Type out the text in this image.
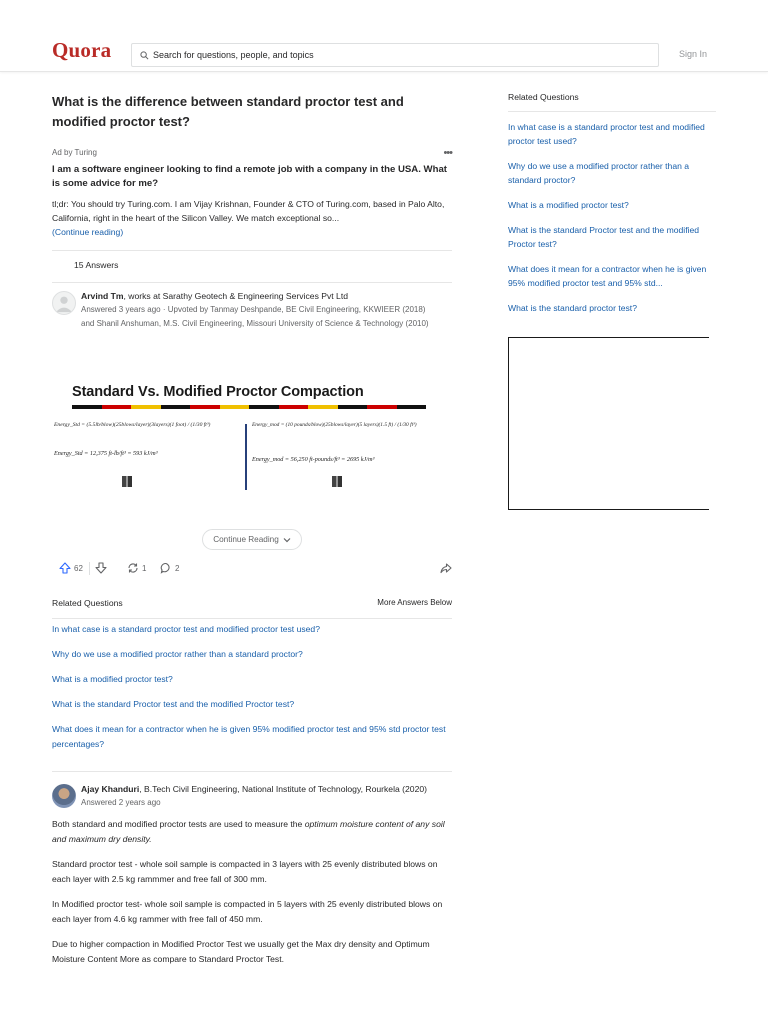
Quora
Search for questions, people, and topics	Sign In
What is the difference between standard proctor test and modified proctor test?
Ad by Turing	•••
I am a software engineer looking to find a remote job with a company in the USA. What is some advice for me?
tl;dr: You should try Turing.com. I am Vijay Krishnan, Founder & CTO of Turing.com, based in Palo Alto, California, right in the heart of the Silicon Valley. We match exceptional so...
(Continue reading)
15 Answers
Arvind Tm, works at Sarathy Geotech & Engineering Services Pvt Ltd
Answered 3 years ago · Upvoted by Tanmay Deshpande, BE Civil Engineering, KKWIEER (2018)
and Shanil Anshuman, M.S. Civil Engineering, Missouri University of Science & Technology (2010)
Standard Vs. Modified Proctor Compaction
Energy_Std = (5.5lb/blow)(25blows/layer)(3layers)(1 foot) / (1/30 ft³)
Energy_Std = 12,375 ft-lb/ft³ = 593 kJ/m³
Energy_mod = (10 pounds/blow)(25blows/layer)(5 layers)(1.5 ft) / (1/30 ft³)
Energy_mod = 56,250 ft-pounds/ft³ = 2695 kJ/m³
Continue Reading
62	1	2
Related Questions	More Answers Below
In what case is a standard proctor test and modified proctor test used?
Why do we use a modified proctor rather than a standard proctor?
What is a modified proctor test?
What is the standard Proctor test and the modified Proctor test?
What does it mean for a contractor when he is given 95% modified proctor test and 95% std proctor test percentages?
Ajay Khanduri, B.Tech Civil Engineering, National Institute of Technology, Rourkela (2020)
Answered 2 years ago
Both standard and modified proctor tests are used to measure the optimum moisture content of any soil and maximum dry density.
Standard proctor test - whole soil sample is compacted in 3 layers with 25 evenly distributed blows on each layer with 2.5 kg rammmer and free fall of 300 mm.
In Modified proctor test- whole soil sample is compacted in 5 layers with 25 evenly distributed blows on each layer from 4.6 kg rammer with free fall of 450 mm.
Due to higher compaction in Modified Proctor Test we usually get the Max dry density and Optimum Moisture Content More as compare to Standard Proctor Test.
Related Questions
In what case is a standard proctor test and modified proctor test used?
Why do we use a modified proctor rather than a standard proctor?
What is a modified proctor test?
What is the standard Proctor test and the modified Proctor test?
What does it mean for a contractor when he is given 95% modified proctor test and 95% std...
What is the standard proctor test?
